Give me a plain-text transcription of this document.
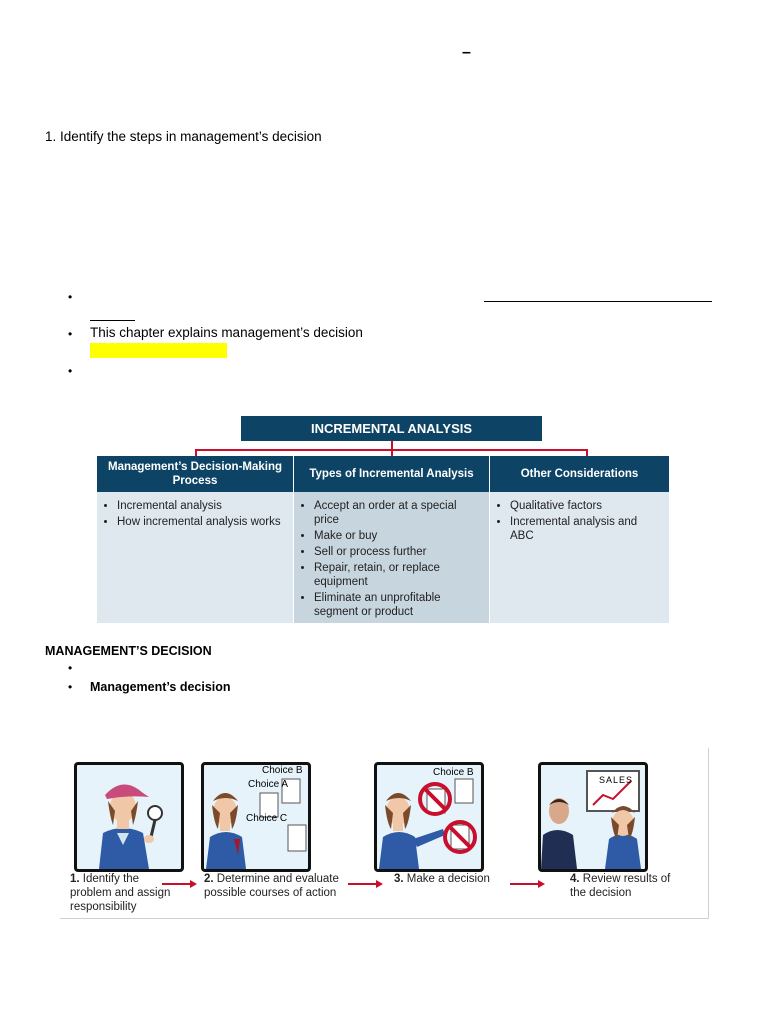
–
1. Identify the steps in management’s decision
•
• This chapter explains management’s decision
•
INCREMENTAL ANALYSIS
Management’s Decision-Making Process
• Incremental analysis
• How incremental analysis works
Types of Incremental Analysis
• Accept an order at a special price
• Make or buy
• Sell or process further
• Repair, retain, or replace equipment
• Eliminate an unprofitable segment or product
Other Considerations
• Qualitative factors
• Incremental analysis and ABC
MANAGEMENT’S DECISION
•
• Management’s decision
Choice A
Choice B
Choice C
Choice B
SALES
1. Identify the problem and assign responsibility
2. Determine and evaluate possible courses of action
3. Make a decision	4. Review results of the decision
